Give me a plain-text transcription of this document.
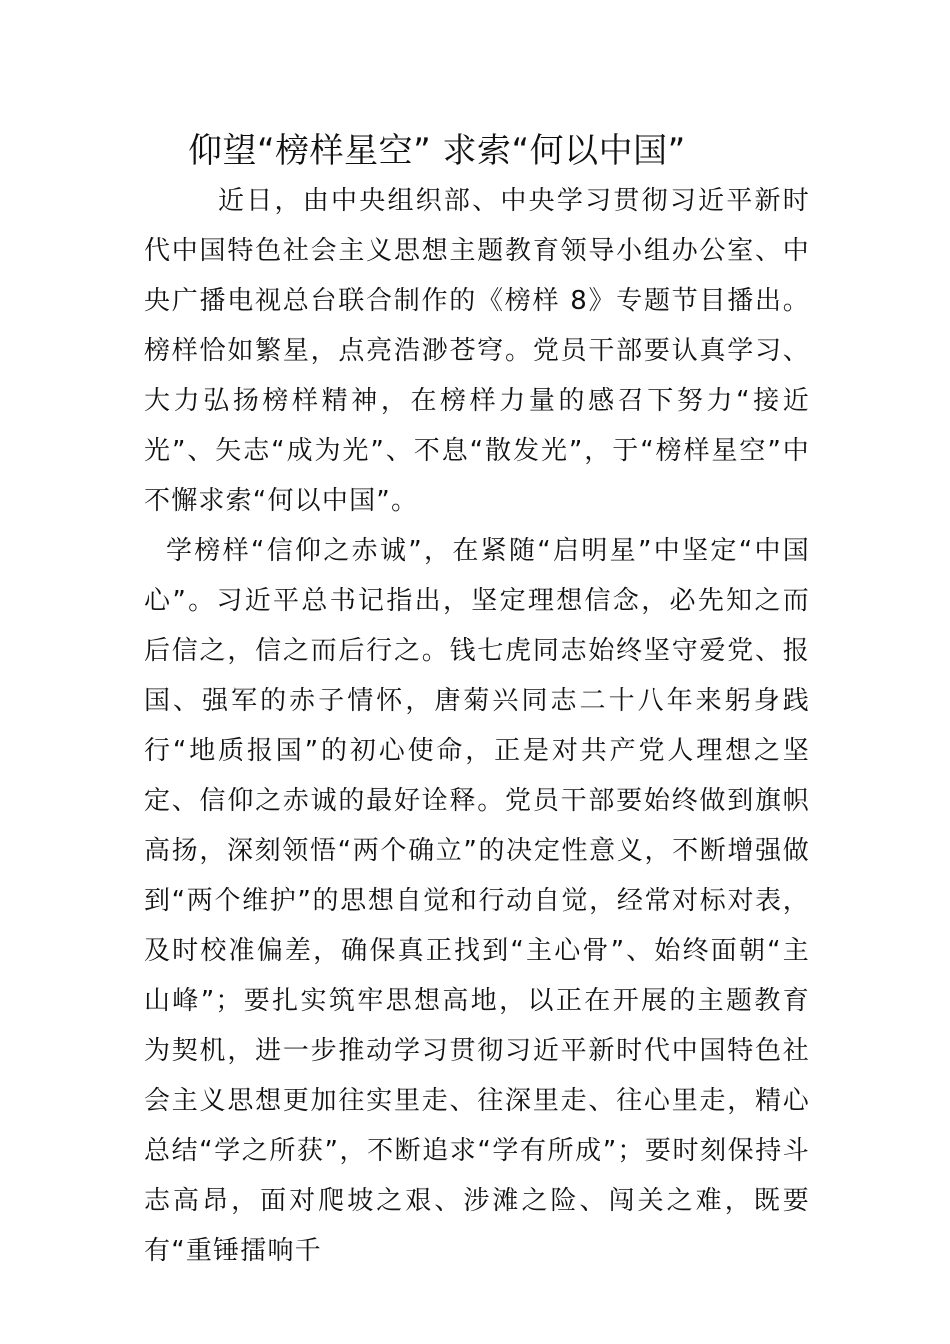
仰望“榜样星空” 求索“何以中国”

近日，由中央组织部、中央学习贯彻习近平新时代中国特色社会主义思想主题教育领导小组办公室、中央广播电视总台联合制作的《榜样 8》专题节目播出。榜样恰如繁星，点亮浩渺苍穹。党员干部要认真学习、大力弘扬榜样精神，在榜样力量的感召下努力“接近光”、矢志“成为光”、不息“散发光”，于“榜样星空”中不懈求索“何以中国”。

学榜样“信仰之赤诚”，在紧随“启明星”中坚定“中国心”。习近平总书记指出，坚定理想信念，必先知之而后信之，信之而后行之。钱七虎同志始终坚守爱党、报国、强军的赤子情怀，唐菊兴同志二十八年来躬身践行“地质报国”的初心使命，正是对共产党人理想之坚定、信仰之赤诚的最好诠释。党员干部要始终做到旗帜高扬，深刻领悟“两个确立”的决定性意义，不断增强做到“两个维护”的思想自觉和行动自觉，经常对标对表，及时校准偏差，确保真正找到“主心骨”、始终面朝“主山峰”；要扎实筑牢思想高地，以正在开展的主题教育为契机，进一步推动学习贯彻习近平新时代中国特色社会主义思想更加往实里走、往深里走、往心里走，精心总结“学之所获”，不断追求“学有所成”；要时刻保持斗志高昂，面对爬坡之艰、涉滩之险、闯关之难，既要有“重锤擂响千
